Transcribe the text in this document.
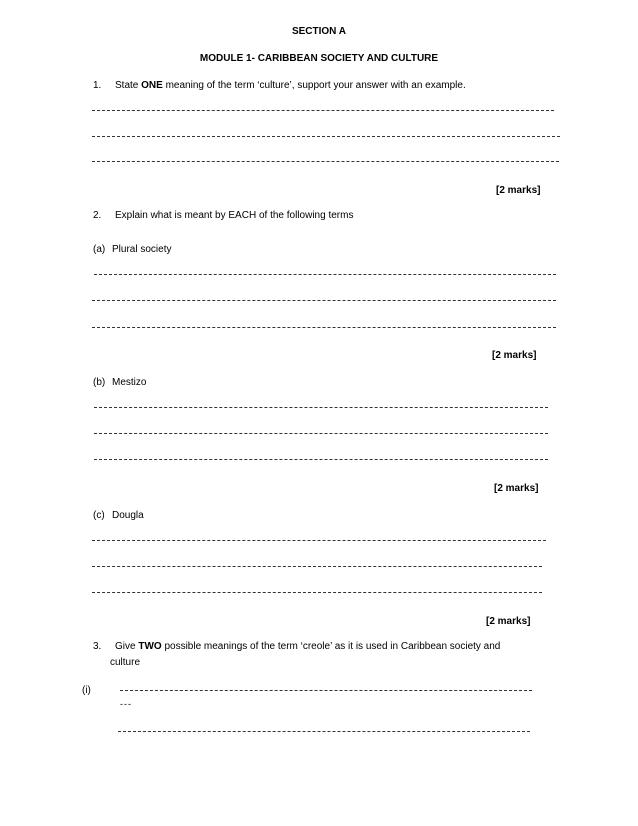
SECTION A
MODULE 1- CARIBBEAN SOCIETY AND CULTURE
1. State ONE meaning of the term ‘culture’, support your answer with an example.
[2 marks]
2. Explain what is meant by EACH of the following terms
(a) Plural society
[2 marks]
(b) Mestizo
[2 marks]
(c) Dougla
[2 marks]
3. Give TWO possible meanings of the term ‘creole’ as it is used in Caribbean society and
culture
(i)
---
